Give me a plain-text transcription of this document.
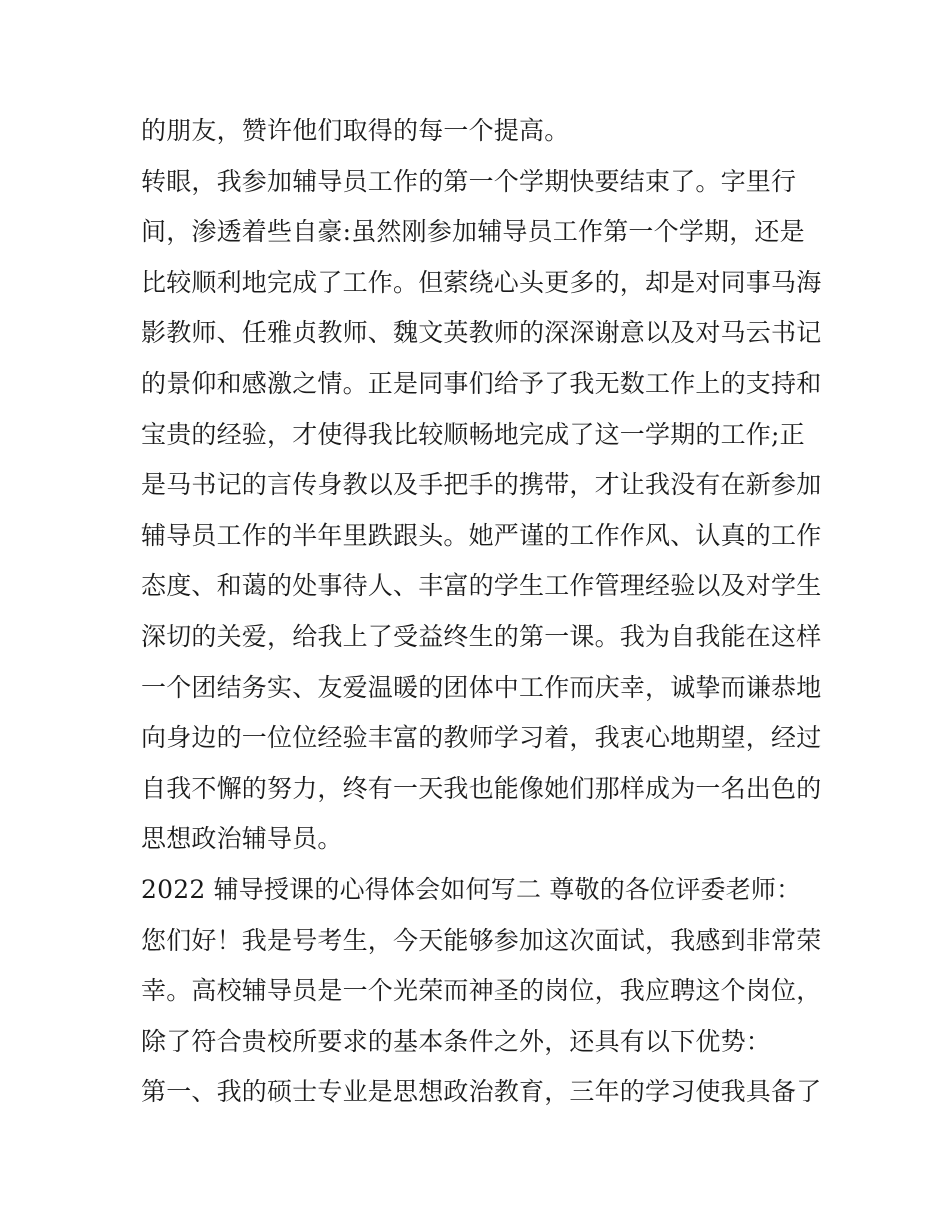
的朋友，赞许他们取得的每一个提高。
转眼，我参加辅导员工作的第一个学期快要结束了。字里行
间，渗透着些自豪:虽然刚参加辅导员工作第一个学期，还是
比较顺利地完成了工作。但萦绕心头更多的，却是对同事马海
影教师、任雅贞教师、魏文英教师的深深谢意以及对马云书记
的景仰和感激之情。正是同事们给予了我无数工作上的支持和
宝贵的经验，才使得我比较顺畅地完成了这一学期的工作;正
是马书记的言传身教以及手把手的携带，才让我没有在新参加
辅导员工作的半年里跌跟头。她严谨的工作作风、认真的工作
态度、和蔼的处事待人、丰富的学生工作管理经验以及对学生
深切的关爱，给我上了受益终生的第一课。我为自我能在这样
一个团结务实、友爱温暖的团体中工作而庆幸，诚挚而谦恭地
向身边的一位位经验丰富的教师学习着，我衷心地期望，经过
自我不懈的努力，终有一天我也能像她们那样成为一名出色的
思想政治辅导员。
2022 辅导授课的心得体会如何写二 尊敬的各位评委老师：
您们好！我是号考生，今天能够参加这次面试，我感到非常荣
幸。高校辅导员是一个光荣而神圣的岗位，我应聘这个岗位，
除了符合贵校所要求的基本条件之外，还具有以下优势：
第一、我的硕士专业是思想政治教育，三年的学习使我具备了
